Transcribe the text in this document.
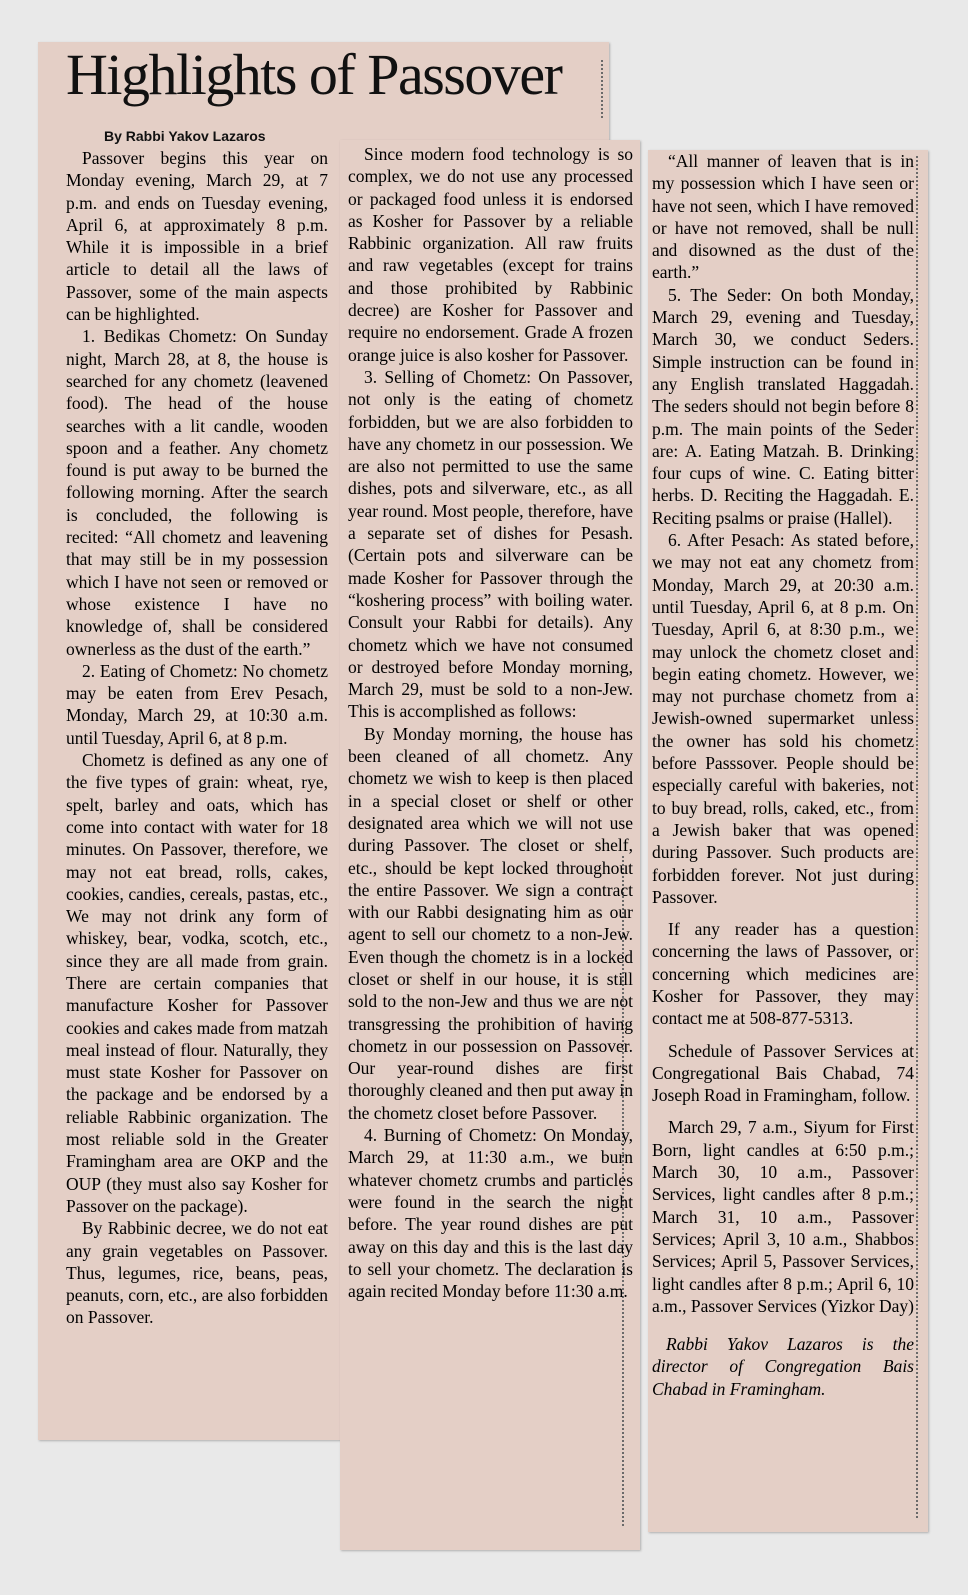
Highlights of Passover
By Rabbi Yakov Lazaros

Passover begins this year on Monday evening, March 29, at 7 p.m. and ends on Tuesday evening, April 6, at approximately 8 p.m. While it is impossible in a brief article to detail all the laws of Passover, some of the main aspects can be highlighted.

1. Bedikas Chometz: On Sunday night, March 28, at 8, the house is searched for any chometz (leavened food). The head of the house searches with a lit candle, wooden spoon and a feather. Any chometz found is put away to be burned the following morning. After the search is concluded, the following is recited: “All chometz and leavening that may still be in my possession which I have not seen or removed or whose existence I have no knowledge of, shall be considered ownerless as the dust of the earth.”

2. Eating of Chometz: No chometz may be eaten from Erev Pesach, Monday, March 29, at 10:30 a.m. until Tuesday, April 6, at 8 p.m.

Chometz is defined as any one of the five types of grain: wheat, rye, spelt, barley and oats, which has come into contact with water for 18 minutes. On Passover, therefore, we may not eat bread, rolls, cakes, cookies, candies, cereals, pastas, etc., We may not drink any form of whiskey, bear, vodka, scotch, etc., since they are all made from grain. There are certain companies that manufacture Kosher for Passover cookies and cakes made from matzah meal instead of flour. Naturally, they must state Kosher for Passover on the package and be endorsed by a reliable Rabbinic organization. The most reliable sold in the Greater Framingham area are OKP and the OUP (they must also say Kosher for Passover on the package).

By Rabbinic decree, we do not eat any grain vegetables on Passover. Thus, legumes, rice, beans, peas, peanuts, corn, etc., are also forbidden on Passover.

Since modern food technology is so complex, we do not use any processed or packaged food unless it is endorsed as Kosher for Passover by a reliable Rabbinic organization. All raw fruits and raw vegetables (except for trains and those prohibited by Rabbinic decree) are Kosher for Passover and require no endorsement. Grade A frozen orange juice is also kosher for Passover.

3. Selling of Chometz: On Passover, not only is the eating of chometz forbidden, but we are also forbidden to have any chometz in our possession. We are also not permitted to use the same dishes, pots and silverware, etc., as all year round. Most people, therefore, have a separate set of dishes for Pesash. (Certain pots and silverware can be made Kosher for Passover through the “koshering process” with boiling water. Consult your Rabbi for details). Any chometz which we have not consumed or destroyed before Monday morning, March 29, must be sold to a non-Jew. This is accomplished as follows:

By Monday morning, the house has been cleaned of all chometz. Any chometz we wish to keep is then placed in a special closet or shelf or other designated area which we will not use during Passover. The closet or shelf, etc., should be kept locked throughout the entire Passover. We sign a contract with our Rabbi designating him as our agent to sell our chometz to a non-Jew. Even though the chometz is in a locked closet or shelf in our house, it is still sold to the non-Jew and thus we are not transgressing the prohibition of having chometz in our possession on Passover. Our year-round dishes are first thoroughly cleaned and then put away in the chometz closet before Passover.

4. Burning of Chometz: On Monday, March 29, at 11:30 a.m., we burn whatever chometz crumbs and particles were found in the search the night before. The year round dishes are put away on this day and this is the last day to sell your chometz. The declaration is again recited Monday before 11:30 a.m.

“All manner of leaven that is in my possession which I have seen or have not seen, which I have removed or have not removed, shall be null and disowned as the dust of the earth.”

5. The Seder: On both Monday, March 29, evening and Tuesday, March 30, we conduct Seders. Simple instruction can be found in any English translated Haggadah. The seders should not begin before 8 p.m. The main points of the Seder are: A. Eating Matzah. B. Drinking four cups of wine. C. Eating bitter herbs. D. Reciting the Haggadah. E. Reciting psalms or praise (Hallel).

6. After Pesach: As stated before, we may not eat any chometz from Monday, March 29, at 20:30 a.m. until Tuesday, April 6, at 8 p.m. On Tuesday, April 6, at 8:30 p.m., we may unlock the chometz closet and begin eating chometz. However, we may not purchase chometz from a Jewish-owned supermarket unless the owner has sold his chometz before Passsover. People should be especially careful with bakeries, not to buy bread, rolls, caked, etc., from a Jewish baker that was opened during Passover. Such products are forbidden forever. Not just during Passover.

If any reader has a question concerning the laws of Passover, or concerning which medicines are Kosher for Passover, they may contact me at 508-877-5313.

Schedule of Passover Services at Congregational Bais Chabad, 74 Joseph Road in Framingham, follow.

March 29, 7 a.m., Siyum for First Born, light candles at 6:50 p.m.; March 30, 10 a.m., Passover Services, light candles after 8 p.m.; March 31, 10 a.m., Passover Services; April 3, 10 a.m., Shabbos Services; April 5, Passover Services, light candles after 8 p.m.; April 6, 10 a.m., Passover Services (Yizkor Day)

Rabbi Yakov Lazaros is the director of Congregation Bais Chabad in Framingham.
